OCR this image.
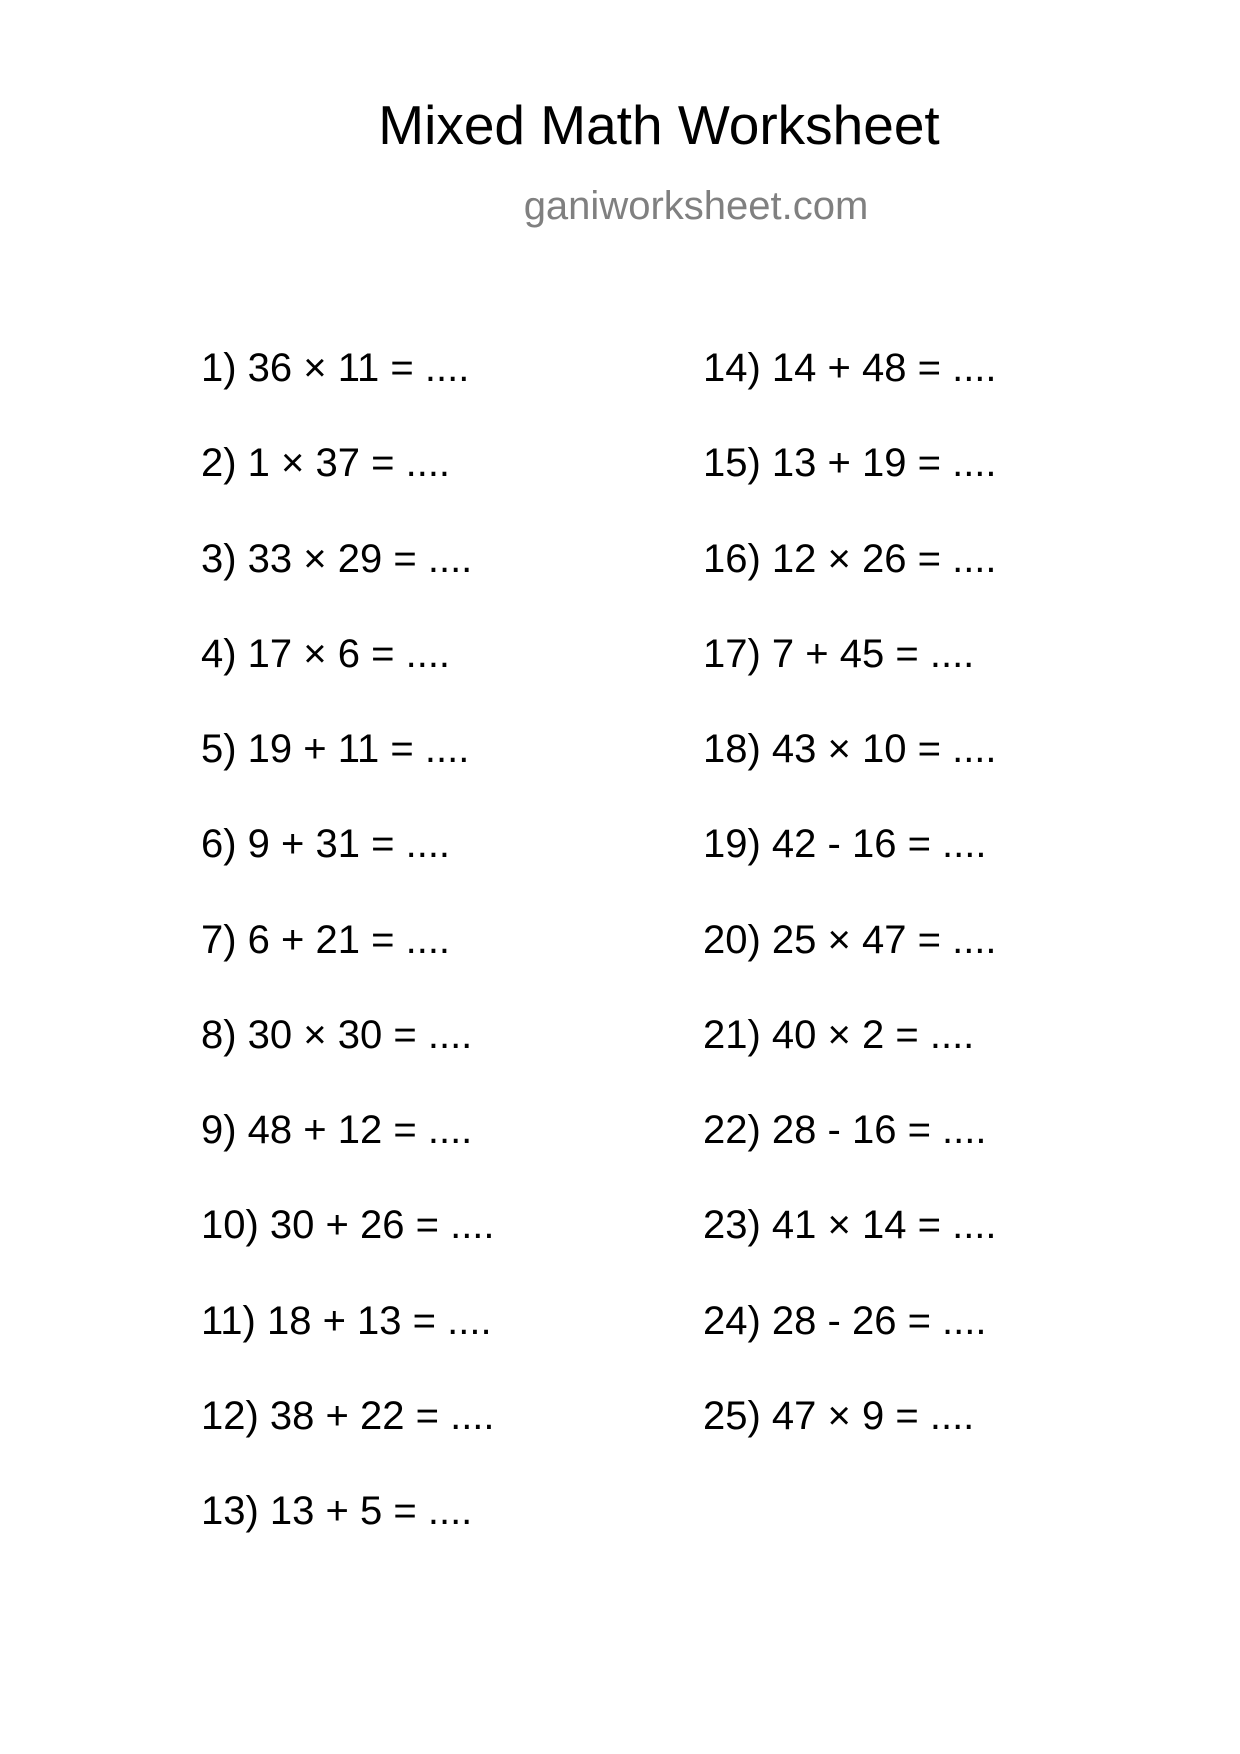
Mixed Math Worksheet
ganiworksheet.com
1) 36 × 11 = ....
2) 1 × 37 = ....
3) 33 × 29 = ....
4) 17 × 6 = ....
5) 19 + 11 = ....
6) 9 + 31 = ....
7) 6 + 21 = ....
8) 30 × 30 = ....
9) 48 + 12 = ....
10) 30 + 26 = ....
11) 18 + 13 = ....
12) 38 + 22 = ....
13) 13 + 5 = ....
14) 14 + 48 = ....
15) 13 + 19 = ....
16) 12 × 26 = ....
17) 7 + 45 = ....
18) 43 × 10 = ....
19) 42 - 16 = ....
20) 25 × 47 = ....
21) 40 × 2 = ....
22) 28 - 16 = ....
23) 41 × 14 = ....
24) 28 - 26 = ....
25) 47 × 9 = ....
